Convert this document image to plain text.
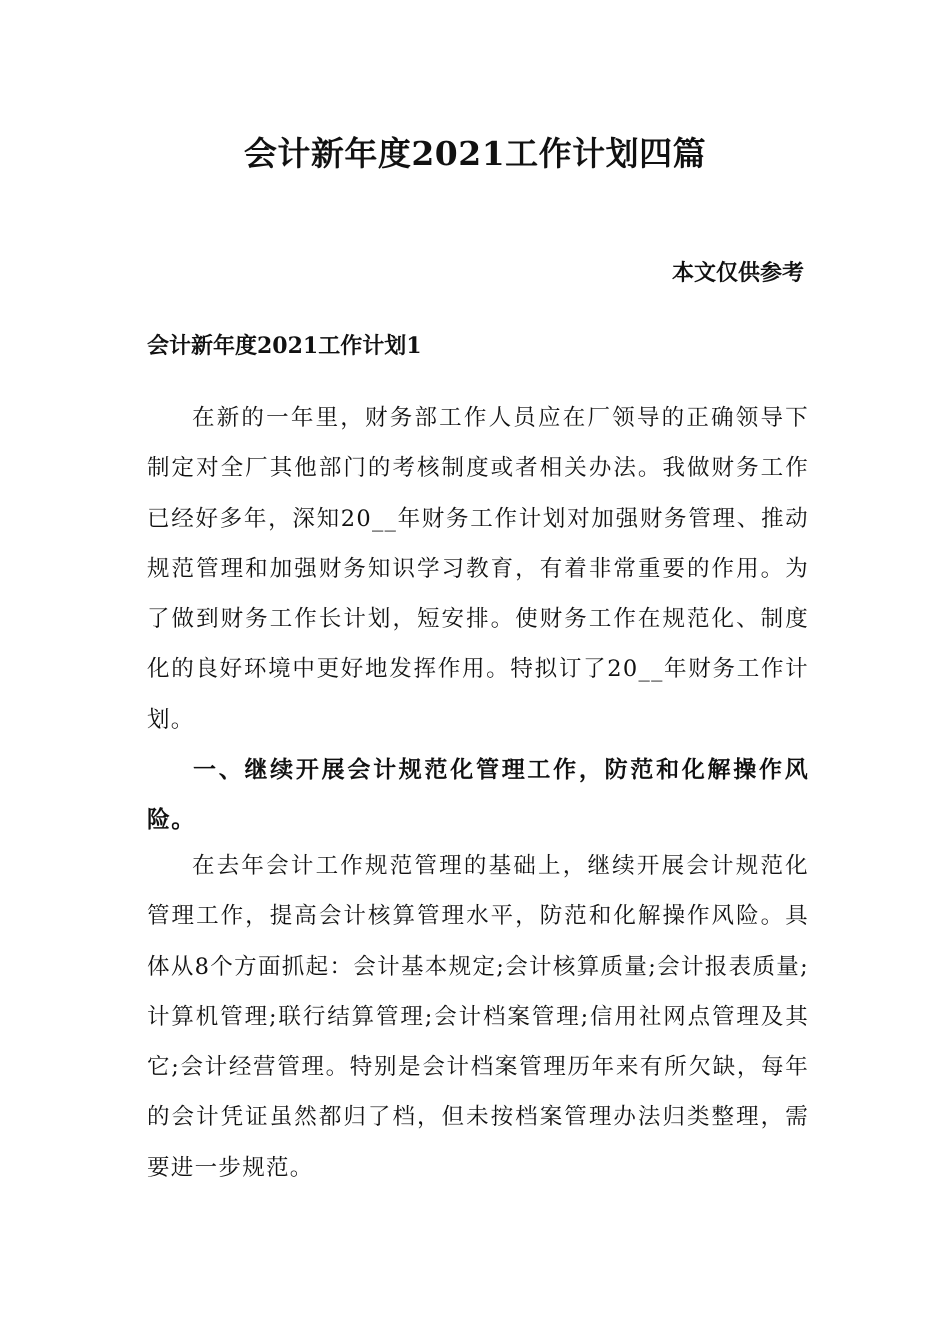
会计新年度2021工作计划四篇
本文仅供参考
会计新年度2021工作计划1

在新的一年里，财务部工作人员应在厂领导的正确领导下制定对全厂其他部门的考核制度或者相关办法。我做财务工作已经好多年，深知20__年财务工作计划对加强财务管理、推动规范管理和加强财务知识学习教育，有着非常重要的作用。为了做到财务工作长计划，短安排。使财务工作在规范化、制度化的良好环境中更好地发挥作用。特拟订了20__年财务工作计划。

一、继续开展会计规范化管理工作，防范和化解操作风险。

在去年会计工作规范管理的基础上，继续开展会计规范化管理工作，提高会计核算管理水平，防范和化解操作风险。具体从8个方面抓起：会计基本规定;会计核算质量;会计报表质量;计算机管理;联行结算管理;会计档案管理;信用社网点管理及其它;会计经营管理。特别是会计档案管理历年来有所欠缺，每年的会计凭证虽然都归了档，但未按档案管理办法归类整理，需要进一步规范。
